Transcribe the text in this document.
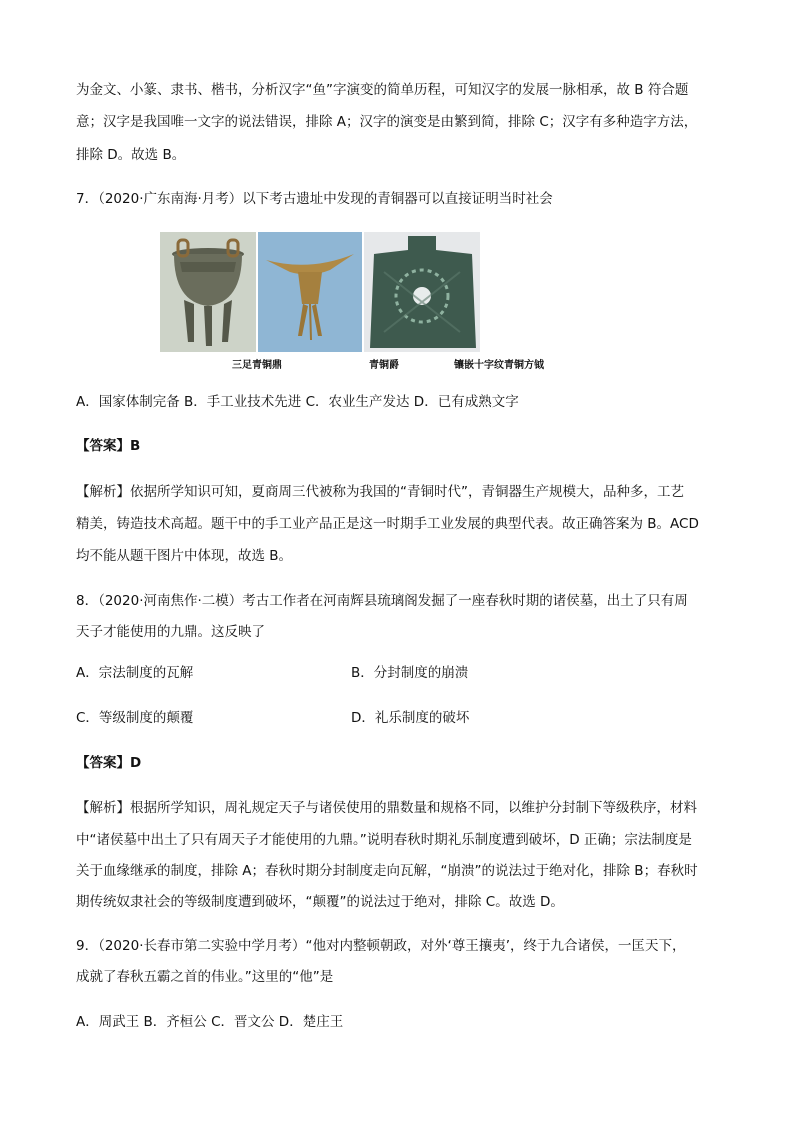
为金文、小篆、隶书、楷书，分析汉字“鱼”字演变的简单历程，可知汉字的发展一脉相承，故 B 符合题
意；汉字是我国唯一文字的说法错误，排除 A；汉字的演变是由繁到简，排除 C；汉字有多种造字方法，
排除 D。故选 B。
7．（2020·广东南海·月考）以下考古遗址中发现的青铜器可以直接证明当时社会
三足青铜鼎	青铜爵	镶嵌十字纹青铜方钺
A．国家体制完备 B．手工业技术先进 C．农业生产发达 D．已有成熟文字
【答案】B
【解析】依据所学知识可知，夏商周三代被称为我国的“青铜时代”，青铜器生产规模大，品种多，工艺
精美，铸造技术高超。题干中的手工业产品正是这一时期手工业发展的典型代表。故正确答案为 B。ACD
均不能从题干图片中体现，故选 B。
8．（2020·河南焦作·二模）考古工作者在河南辉县琉璃阁发掘了一座春秋时期的诸侯墓，出土了只有周
天子才能使用的九鼎。这反映了
A．宗法制度的瓦解	B．分封制度的崩溃
C．等级制度的颠覆	D．礼乐制度的破坏
【答案】D
【解析】根据所学知识，周礼规定天子与诸侯使用的鼎数量和规格不同，以维护分封制下等级秩序，材料
中“诸侯墓中出土了只有周天子才能使用的九鼎。”说明春秋时期礼乐制度遭到破坏，D 正确；宗法制度是
关于血缘继承的制度，排除 A；春秋时期分封制度走向瓦解，“崩溃”的说法过于绝对化，排除 B；春秋时
期传统奴隶社会的等级制度遭到破坏，“颠覆”的说法过于绝对，排除 C。故选 D。
9．（2020·长春市第二实验中学月考）“他对内整顿朝政，对外‘尊王攘夷’，终于九合诸侯，一匡天下，
成就了春秋五霸之首的伟业。”这里的“他”是
A．周武王 B．齐桓公 C．晋文公 D．楚庄王
